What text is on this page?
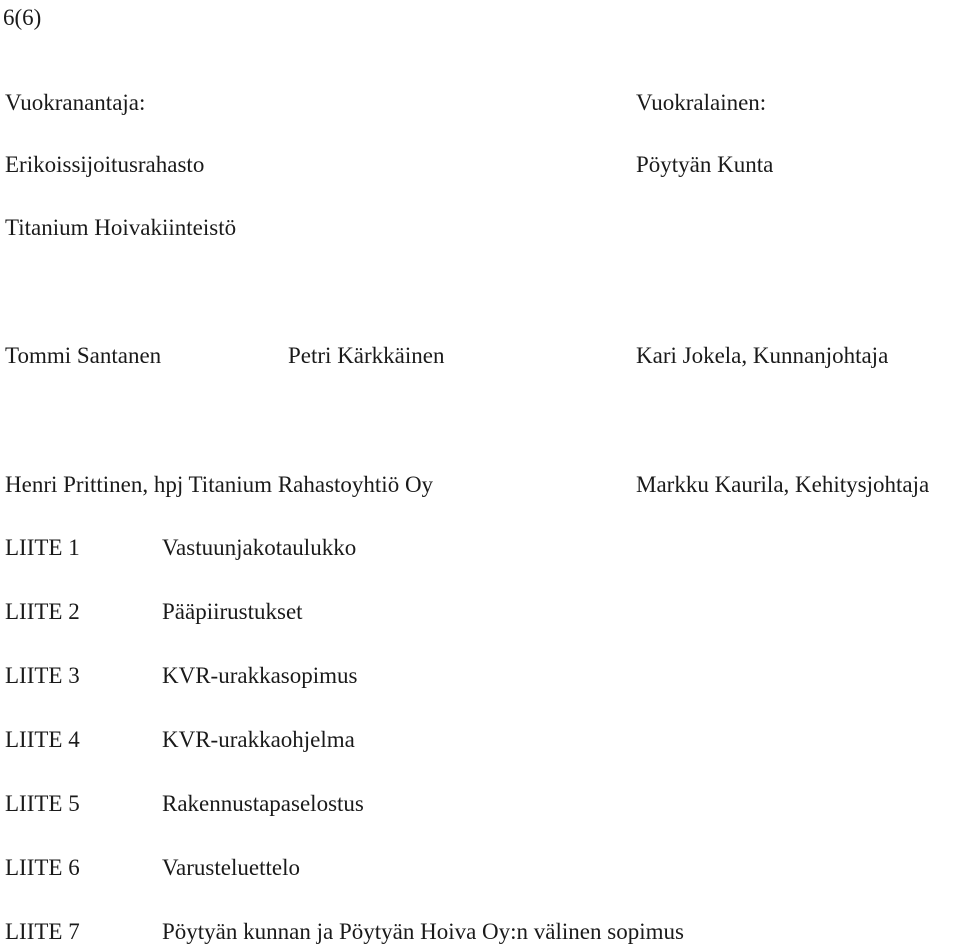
6(6)
Vuokranantaja:	Vuokralainen:
Erikoissijoitusrahasto	Pöytyän Kunta
Titanium Hoivakiinteistö
Tommi Santanen	Petri Kärkkäinen	Kari Jokela, Kunnanjohtaja
Henri Prittinen, hpj Titanium Rahastoyhtiö Oy	Markku Kaurila, Kehitysjohtaja
LIITE 1	Vastuunjakotaulukko
LIITE 2	Pääpiirustukset
LIITE 3	KVR-urakkasopimus
LIITE 4	KVR-urakkaohjelma
LIITE 5	Rakennustapaselostus
LIITE 6	Varusteluettelo
LIITE 7	Pöytyän kunnan ja Pöytyän Hoiva Oy:n välinen sopimus
